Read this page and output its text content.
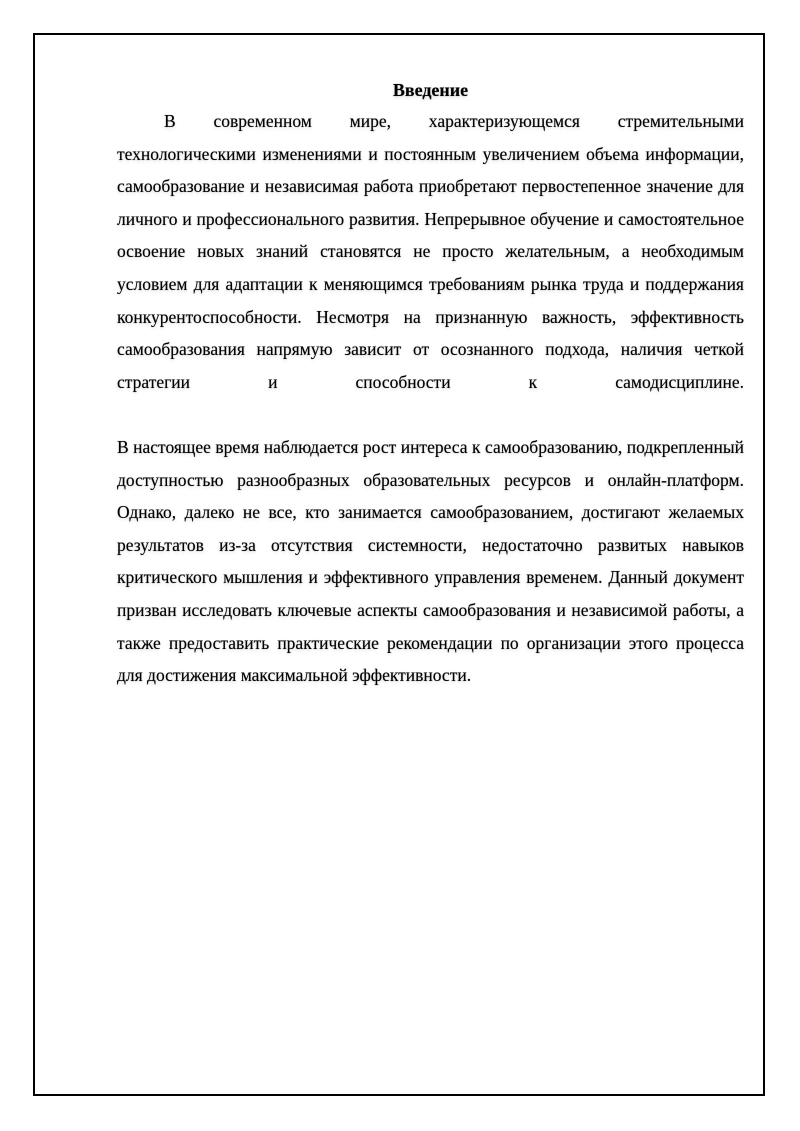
Введение

В современном мире, характеризующемся стремительными технологическими изменениями и постоянным увеличением объема информации, самообразование и независимая работа приобретают первостепенное значение для личного и профессионального развития. Непрерывное обучение и самостоятельное освоение новых знаний становятся не просто желательным, а необходимым условием для адаптации к меняющимся требованиям рынка труда и поддержания конкурентоспособности. Несмотря на признанную важность, эффективность самообразования напрямую зависит от осознанного подхода, наличия четкой стратегии и способности к самодисциплине.

В настоящее время наблюдается рост интереса к самообразованию, подкрепленный доступностью разнообразных образовательных ресурсов и онлайн-платформ. Однако, далеко не все, кто занимается самообразованием, достигают желаемых результатов из-за отсутствия системности, недостаточно развитых навыков критического мышления и эффективного управления временем. Данный документ призван исследовать ключевые аспекты самообразования и независимой работы, а также предоставить практические рекомендации по организации этого процесса для достижения максимальной эффективности.
